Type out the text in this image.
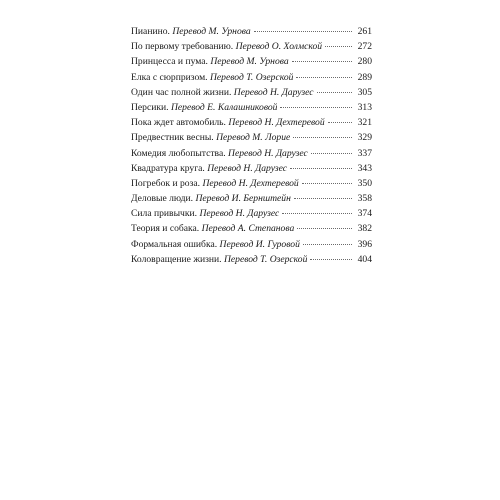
Пианино. Перевод М. Урнова	261
По первому требованию. Перевод О. Холмской	272
Принцесса и пума. Перевод М. Урнова	280
Елка с сюрпризом. Перевод Т. Озерской	289
Один час полной жизни. Перевод Н. Дарузес	305
Персики. Перевод Е. Калашниковой	313
Пока ждет автомобиль. Перевод Н. Дехтеревой	321
Предвестник весны. Перевод М. Лорие	329
Комедия любопытства. Перевод Н. Дарузес	337
Квадратура круга. Перевод Н. Дарузес	343
Погребок и роза. Перевод Н. Дехтеревой	350
Деловые люди. Перевод И. Бернштейн	358
Сила привычки. Перевод Н. Дарузес	374
Теория и собака. Перевод А. Степанова	382
Формальная ошибка. Перевод И. Гуровой	396
Коловращение жизни. Перевод Т. Озерской	404
